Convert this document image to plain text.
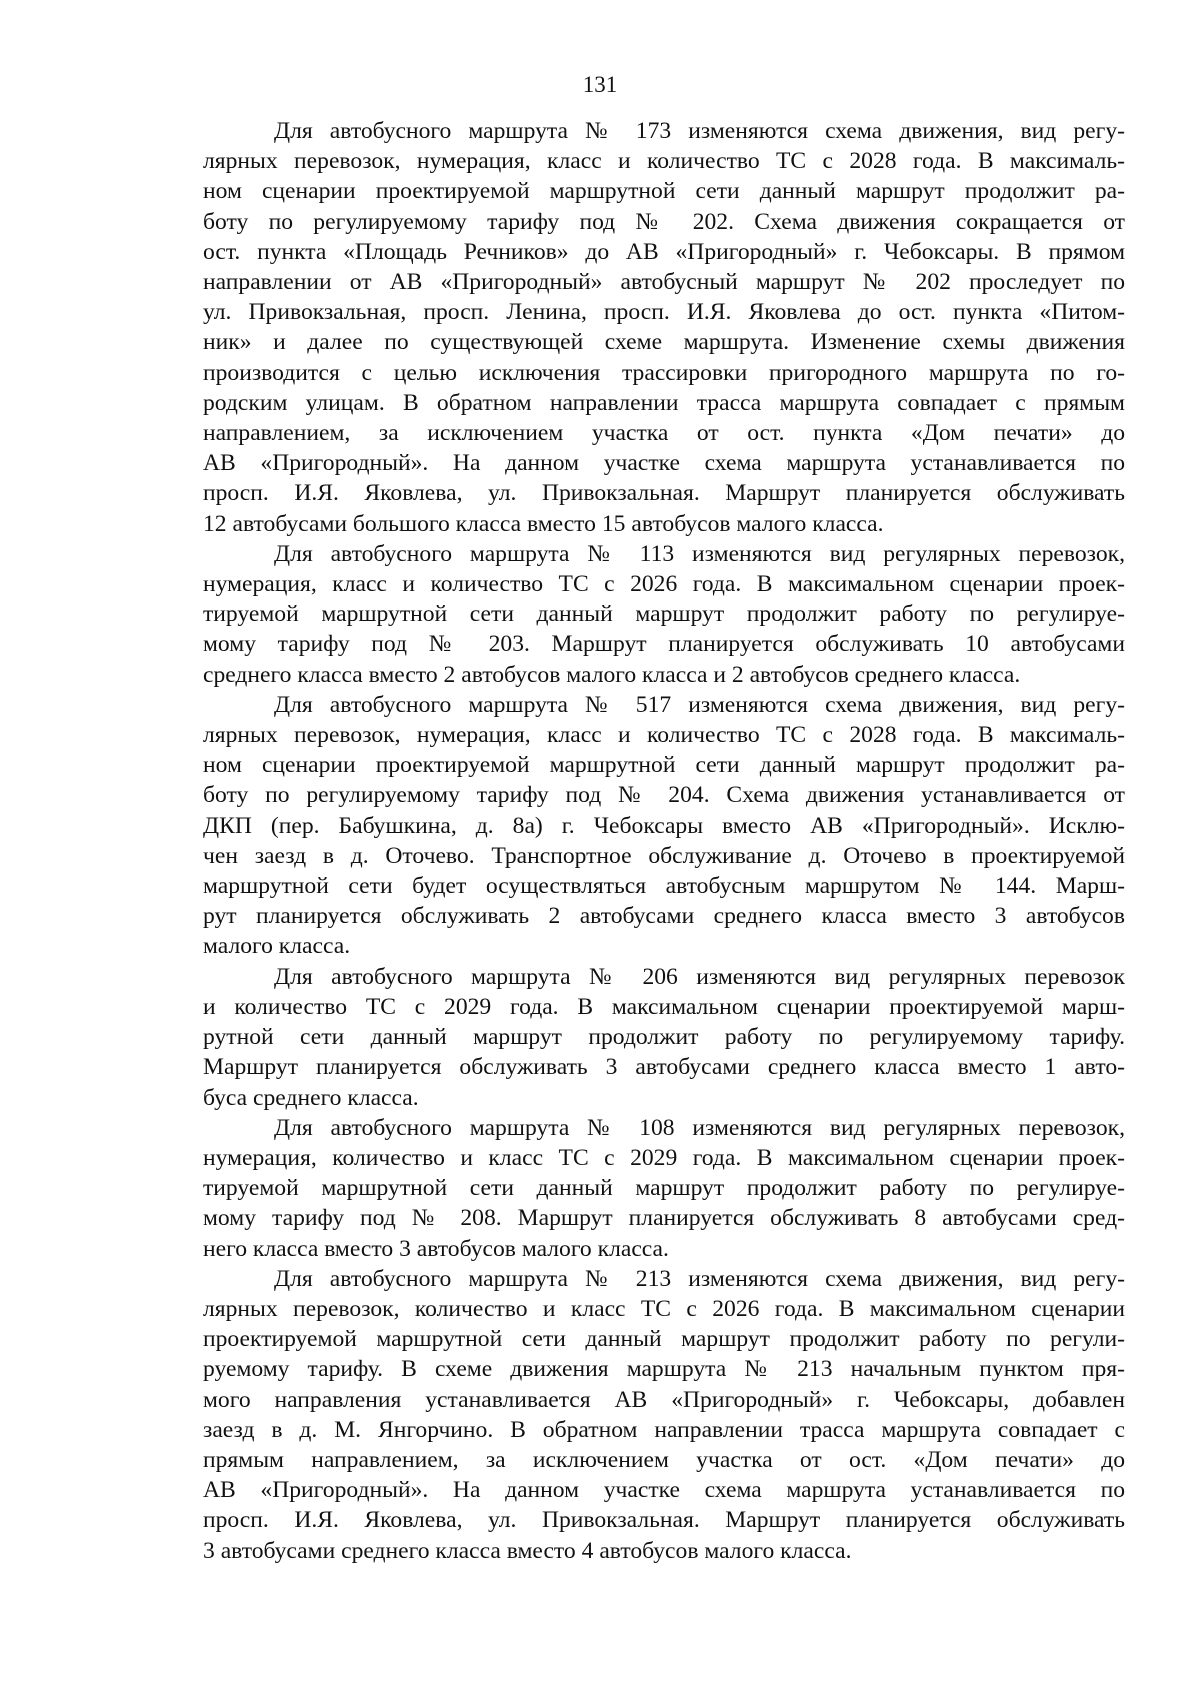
131

Для автобусного маршрута № 173 изменяются схема движения, вид регу-
лярных перевозок, нумерация, класс и количество ТС с 2028 года. В максималь-
ном сценарии проектируемой маршрутной сети данный маршрут продолжит ра-
боту по регулируемому тарифу под № 202. Схема движения сокращается от
ост. пункта «Площадь Речников» до АВ «Пригородный» г. Чебоксары. В прямом
направлении от АВ «Пригородный» автобусный маршрут № 202 проследует по
ул. Привокзальная, просп. Ленина, просп. И.Я. Яковлева до ост. пункта «Питом-
ник» и далее по существующей схеме маршрута. Изменение схемы движения
производится с целью исключения трассировки пригородного маршрута по го-
родским улицам. В обратном направлении трасса маршрута совпадает с прямым
направлением, за исключением участка от ост. пункта «Дом печати» до
АВ «Пригородный». На данном участке схема маршрута устанавливается по
просп. И.Я. Яковлева, ул. Привокзальная. Маршрут планируется обслуживать
12 автобусами большого класса вместо 15 автобусов малого класса.

Для автобусного маршрута № 113 изменяются вид регулярных перевозок,
нумерация, класс и количество ТС с 2026 года. В максимальном сценарии проек-
тируемой маршрутной сети данный маршрут продолжит работу по регулируе-
мому тарифу под № 203. Маршрут планируется обслуживать 10 автобусами
среднего класса вместо 2 автобусов малого класса и 2 автобусов среднего класса.

Для автобусного маршрута № 517 изменяются схема движения, вид регу-
лярных перевозок, нумерация, класс и количество ТС с 2028 года. В максималь-
ном сценарии проектируемой маршрутной сети данный маршрут продолжит ра-
боту по регулируемому тарифу под № 204. Схема движения устанавливается от
ДКП (пер. Бабушкина, д. 8а) г. Чебоксары вместо АВ «Пригородный». Исклю-
чен заезд в д. Оточево. Транспортное обслуживание д. Оточево в проектируемой
маршрутной сети будет осуществляться автобусным маршрутом № 144. Марш-
рут планируется обслуживать 2 автобусами среднего класса вместо 3 автобусов
малого класса.

Для автобусного маршрута № 206 изменяются вид регулярных перевозок
и количество ТС с 2029 года. В максимальном сценарии проектируемой марш-
рутной сети данный маршрут продолжит работу по регулируемому тарифу.
Маршрут планируется обслуживать 3 автобусами среднего класса вместо 1 авто-
буса среднего класса.

Для автобусного маршрута № 108 изменяются вид регулярных перевозок,
нумерация, количество и класс ТС с 2029 года. В максимальном сценарии проек-
тируемой маршрутной сети данный маршрут продолжит работу по регулируе-
мому тарифу под № 208. Маршрут планируется обслуживать 8 автобусами сред-
него класса вместо 3 автобусов малого класса.

Для автобусного маршрута № 213 изменяются схема движения, вид регу-
лярных перевозок, количество и класс ТС с 2026 года. В максимальном сценарии
проектируемой маршрутной сети данный маршрут продолжит работу по регули-
руемому тарифу. В схеме движения маршрута № 213 начальным пунктом пря-
мого направления устанавливается АВ «Пригородный» г. Чебоксары, добавлен
заезд в д. М. Янгорчино. В обратном направлении трасса маршрута совпадает с
прямым направлением, за исключением участка от ост. «Дом печати» до
АВ «Пригородный». На данном участке схема маршрута устанавливается по
просп. И.Я. Яковлева, ул. Привокзальная. Маршрут планируется обслуживать
3 автобусами среднего класса вместо 4 автобусов малого класса.
